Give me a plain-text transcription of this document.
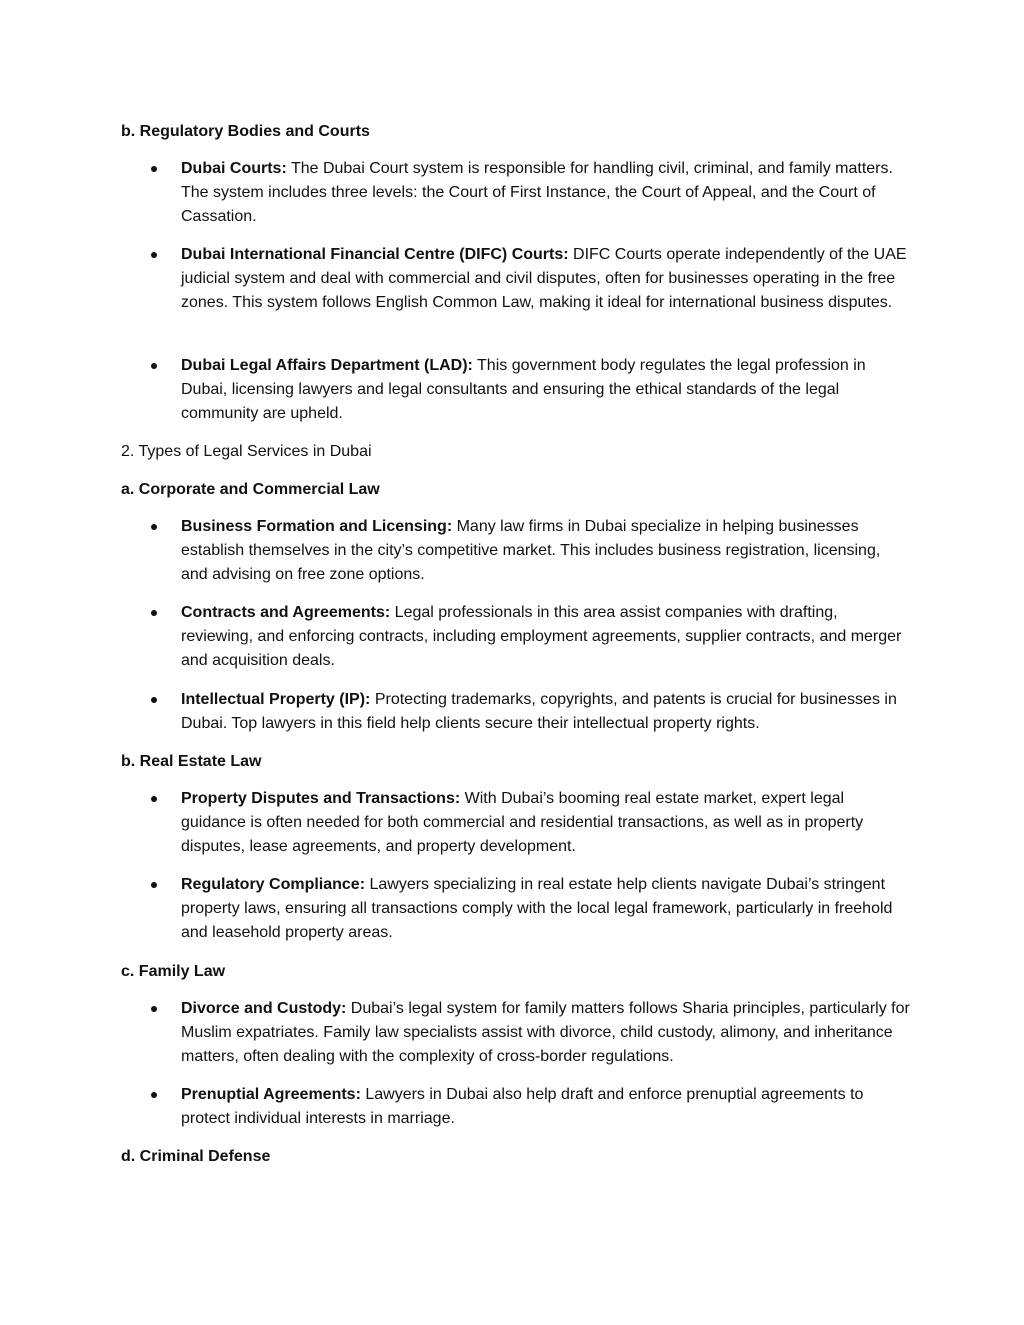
b. Regulatory Bodies and Courts

Dubai Courts: The Dubai Court system is responsible for handling civil, criminal, and family matters. The system includes three levels: the Court of First Instance, the Court of Appeal, and the Court of Cassation.

Dubai International Financial Centre (DIFC) Courts: DIFC Courts operate independently of the UAE judicial system and deal with commercial and civil disputes, often for businesses operating in the free zones. This system follows English Common Law, making it ideal for international business disputes.

Dubai Legal Affairs Department (LAD): This government body regulates the legal profession in Dubai, licensing lawyers and legal consultants and ensuring the ethical standards of the legal community are upheld.

2. Types of Legal Services in Dubai

a. Corporate and Commercial Law

Business Formation and Licensing: Many law firms in Dubai specialize in helping businesses establish themselves in the city’s competitive market. This includes business registration, licensing, and advising on free zone options.

Contracts and Agreements: Legal professionals in this area assist companies with drafting, reviewing, and enforcing contracts, including employment agreements, supplier contracts, and merger and acquisition deals.

Intellectual Property (IP): Protecting trademarks, copyrights, and patents is crucial for businesses in Dubai. Top lawyers in this field help clients secure their intellectual property rights.

b. Real Estate Law

Property Disputes and Transactions: With Dubai’s booming real estate market, expert legal guidance is often needed for both commercial and residential transactions, as well as in property disputes, lease agreements, and property development.

Regulatory Compliance: Lawyers specializing in real estate help clients navigate Dubai’s stringent property laws, ensuring all transactions comply with the local legal framework, particularly in freehold and leasehold property areas.

c. Family Law

Divorce and Custody: Dubai’s legal system for family matters follows Sharia principles, particularly for Muslim expatriates. Family law specialists assist with divorce, child custody, alimony, and inheritance matters, often dealing with the complexity of cross-border regulations.

Prenuptial Agreements: Lawyers in Dubai also help draft and enforce prenuptial agreements to protect individual interests in marriage.

d. Criminal Defense
